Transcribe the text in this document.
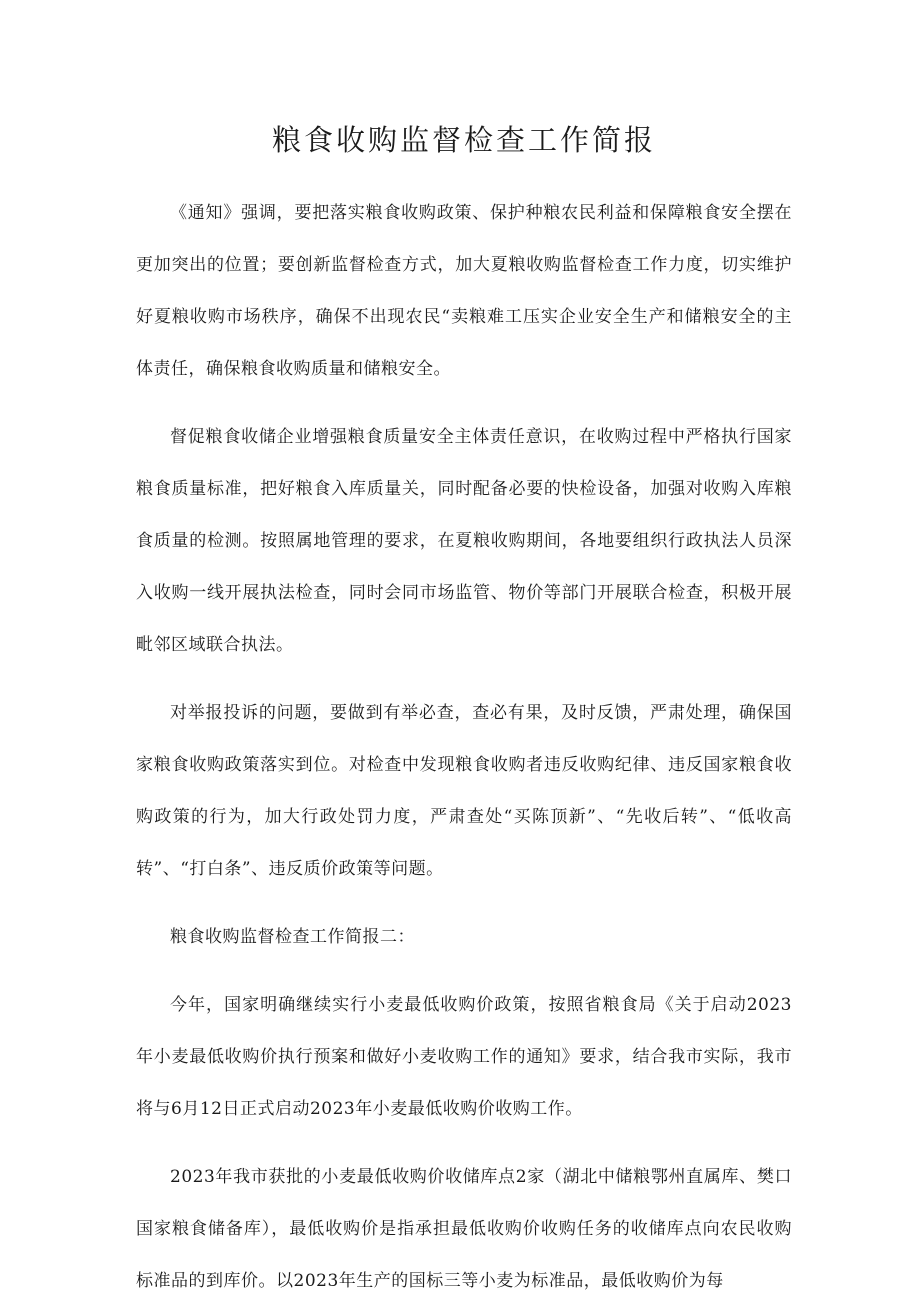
粮食收购监督检查工作简报

《通知》强调，要把落实粮食收购政策、保护种粮农民利益和保障粮食安全摆在更加突出的位置；要创新监督检查方式，加大夏粮收购监督检查工作力度，切实维护好夏粮收购市场秩序，确保不出现农民“卖粮难工压实企业安全生产和储粮安全的主体责任，确保粮食收购质量和储粮安全。

督促粮食收储企业增强粮食质量安全主体责任意识，在收购过程中严格执行国家粮食质量标准，把好粮食入库质量关，同时配备必要的快检设备，加强对收购入库粮食质量的检测。按照属地管理的要求，在夏粮收购期间，各地要组织行政执法人员深入收购一线开展执法检查，同时会同市场监管、物价等部门开展联合检查，积极开展毗邻区域联合执法。

对举报投诉的问题，要做到有举必查，查必有果，及时反馈，严肃处理，确保国家粮食收购政策落实到位。对检查中发现粮食收购者违反收购纪律、违反国家粮食收购政策的行为，加大行政处罚力度，严肃查处“买陈顶新”、“先收后转”、“低收高转”、“打白条”、违反质价政策等问题。

粮食收购监督检查工作简报二：

今年，国家明确继续实行小麦最低收购价政策，按照省粮食局《关于启动2023年小麦最低收购价执行预案和做好小麦收购工作的通知》要求，结合我市实际，我市将与6月12日正式启动2023年小麦最低收购价收购工作。

2023年我市获批的小麦最低收购价收储库点2家（湖北中储粮鄂州直属库、樊口国家粮食储备库），最低收购价是指承担最低收购价收购任务的收储库点向农民收购标准品的到库价。以2023年生产的国标三等小麦为标准品，最低收购价为每
